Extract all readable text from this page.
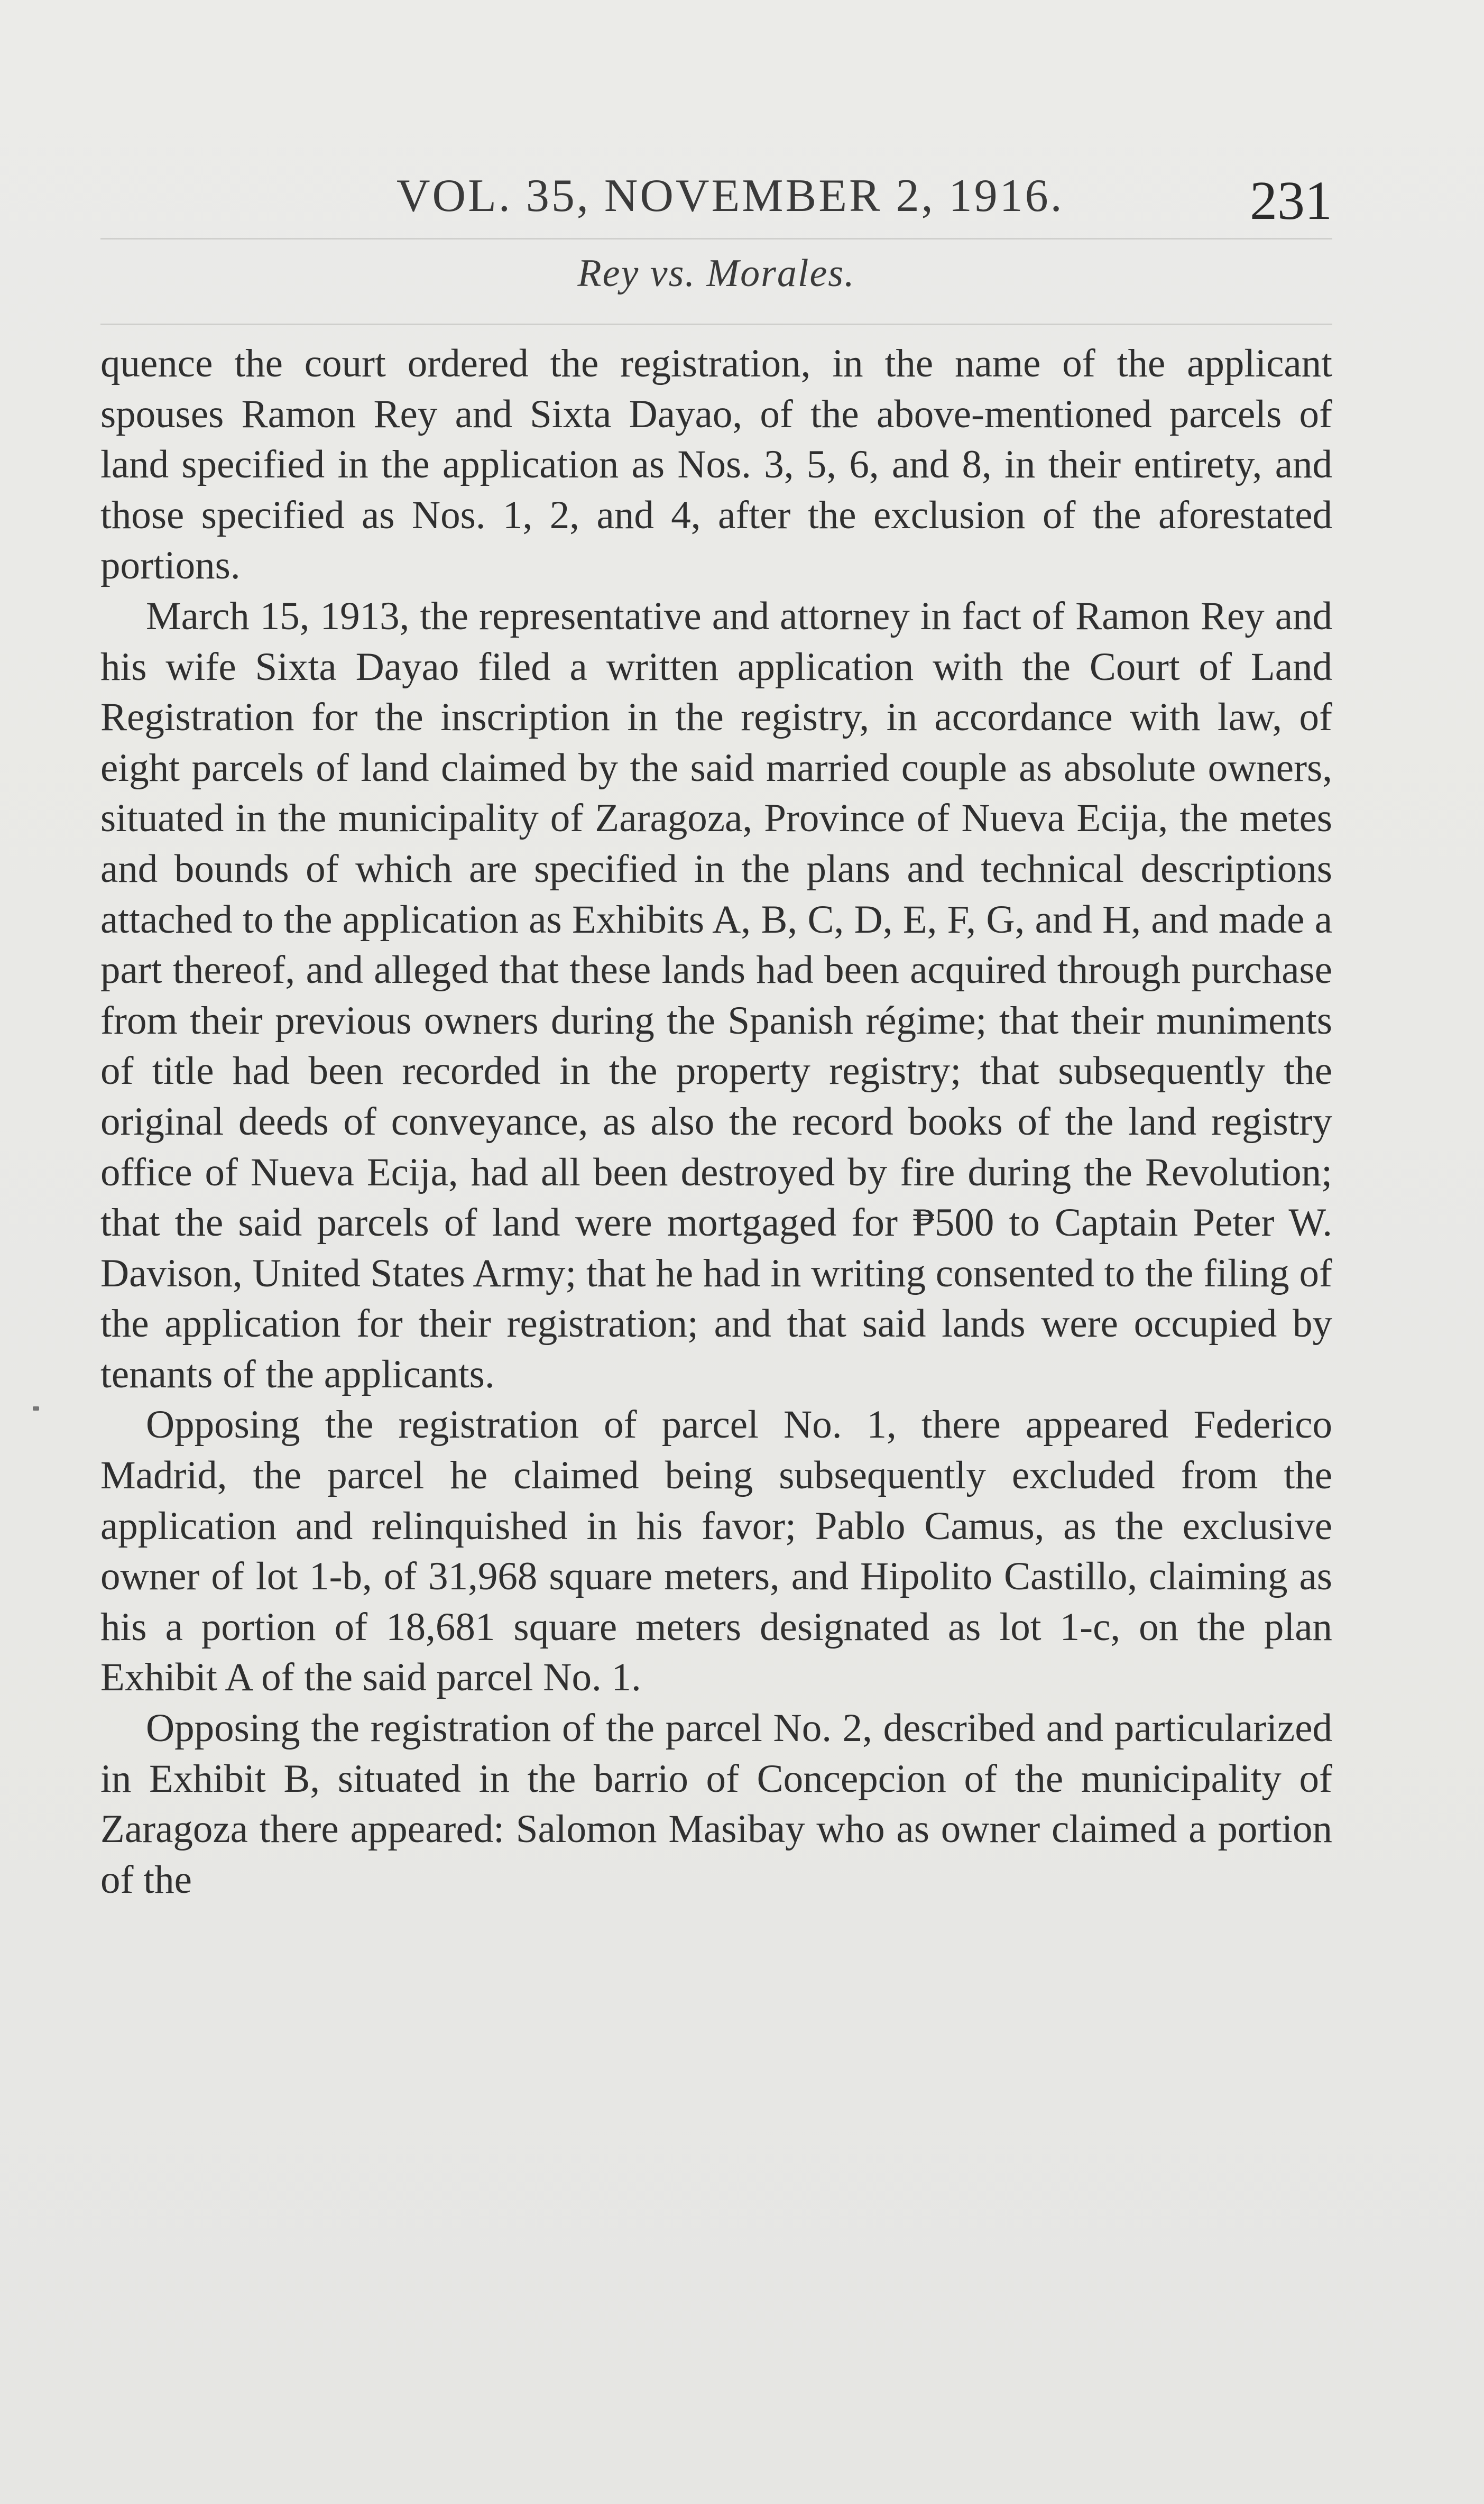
VOL. 35, NOVEMBER 2, 1916.	231
Rey vs. Morales.

quence the court ordered the registration, in the name of the applicant spouses Ramon Rey and Sixta Dayao, of the above-mentioned parcels of land specified in the application as Nos. 3, 5, 6, and 8, in their entirety, and those specified as Nos. 1, 2, and 4, after the exclusion of the aforestated portions.

March 15, 1913, the representative and attorney in fact of Ramon Rey and his wife Sixta Dayao filed a written application with the Court of Land Registration for the inscription in the registry, in accordance with law, of eight parcels of land claimed by the said married couple as absolute owners, situated in the municipality of Zaragoza, Province of Nueva Ecija, the metes and bounds of which are specified in the plans and technical descriptions attached to the application as Exhibits A, B, C, D, E, F, G, and H, and made a part thereof, and alleged that these lands had been acquired through purchase from their previous owners during the Spanish régime; that their muniments of title had been recorded in the property registry; that subsequently the original deeds of conveyance, as also the record books of the land registry office of Nueva Ecija, had all been destroyed by fire during the Revolution; that the said parcels of land were mortgaged for ₱500 to Captain Peter W. Davison, United States Army; that he had in writing consented to the filing of the application for their registration; and that said lands were occupied by tenants of the applicants.

Opposing the registration of parcel No. 1, there appeared Federico Madrid, the parcel he claimed being subsequently excluded from the application and relinquished in his favor; Pablo Camus, as the exclusive owner of lot 1-b, of 31,968 square meters, and Hipolito Castillo, claiming as his a portion of 18,681 square meters designated as lot 1-c, on the plan Exhibit A of the said parcel No. 1.

Opposing the registration of the parcel No. 2, described and particularized in Exhibit B, situated in the barrio of Concepcion of the municipality of Zaragoza there appeared: Salomon Masibay who as owner claimed a portion of the
